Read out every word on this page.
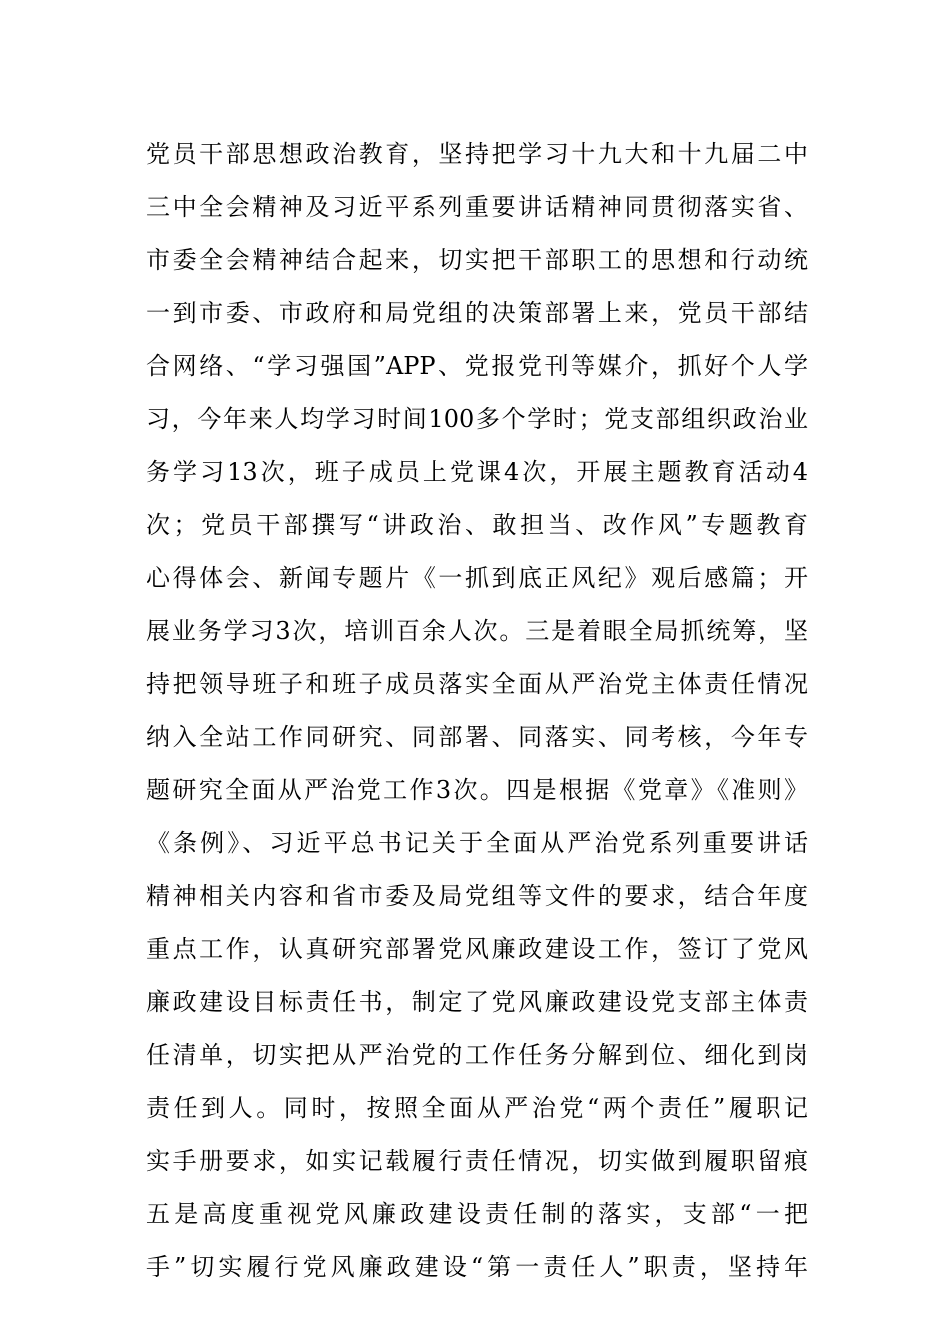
党员干部思想政治教育，坚持把学习十九大和十九届二中
三中全会精神及习近平系列重要讲话精神同贯彻落实省、
市委全会精神结合起来，切实把干部职工的思想和行动统
一到市委、市政府和局党组的决策部署上来，党员干部结
合网络、“学习强国”APP、党报党刊等媒介，抓好个人学
习，今年来人均学习时间100多个学时；党支部组织政治业
务学习13次，班子成员上党课4次，开展主题教育活动4
次；党员干部撰写“讲政治、敢担当、改作风”专题教育
心得体会、新闻专题片《一抓到底正风纪》观后感篇；开
展业务学习3次，培训百余人次。三是着眼全局抓统筹，坚
持把领导班子和班子成员落实全面从严治党主体责任情况
纳入全站工作同研究、同部署、同落实、同考核，今年专
题研究全面从严治党工作3次。四是根据《党章》《准则》
《条例》、习近平总书记关于全面从严治党系列重要讲话
精神相关内容和省市委及局党组等文件的要求，结合年度
重点工作，认真研究部署党风廉政建设工作，签订了党风
廉政建设目标责任书，制定了党风廉政建设党支部主体责
任清单，切实把从严治党的工作任务分解到位、细化到岗
责任到人。同时，按照全面从严治党“两个责任”履职记
实手册要求，如实记载履行责任情况，切实做到履职留痕
五是高度重视党风廉政建设责任制的落实，支部“一把
手”切实履行党风廉政建设“第一责任人”职责，坚持年
